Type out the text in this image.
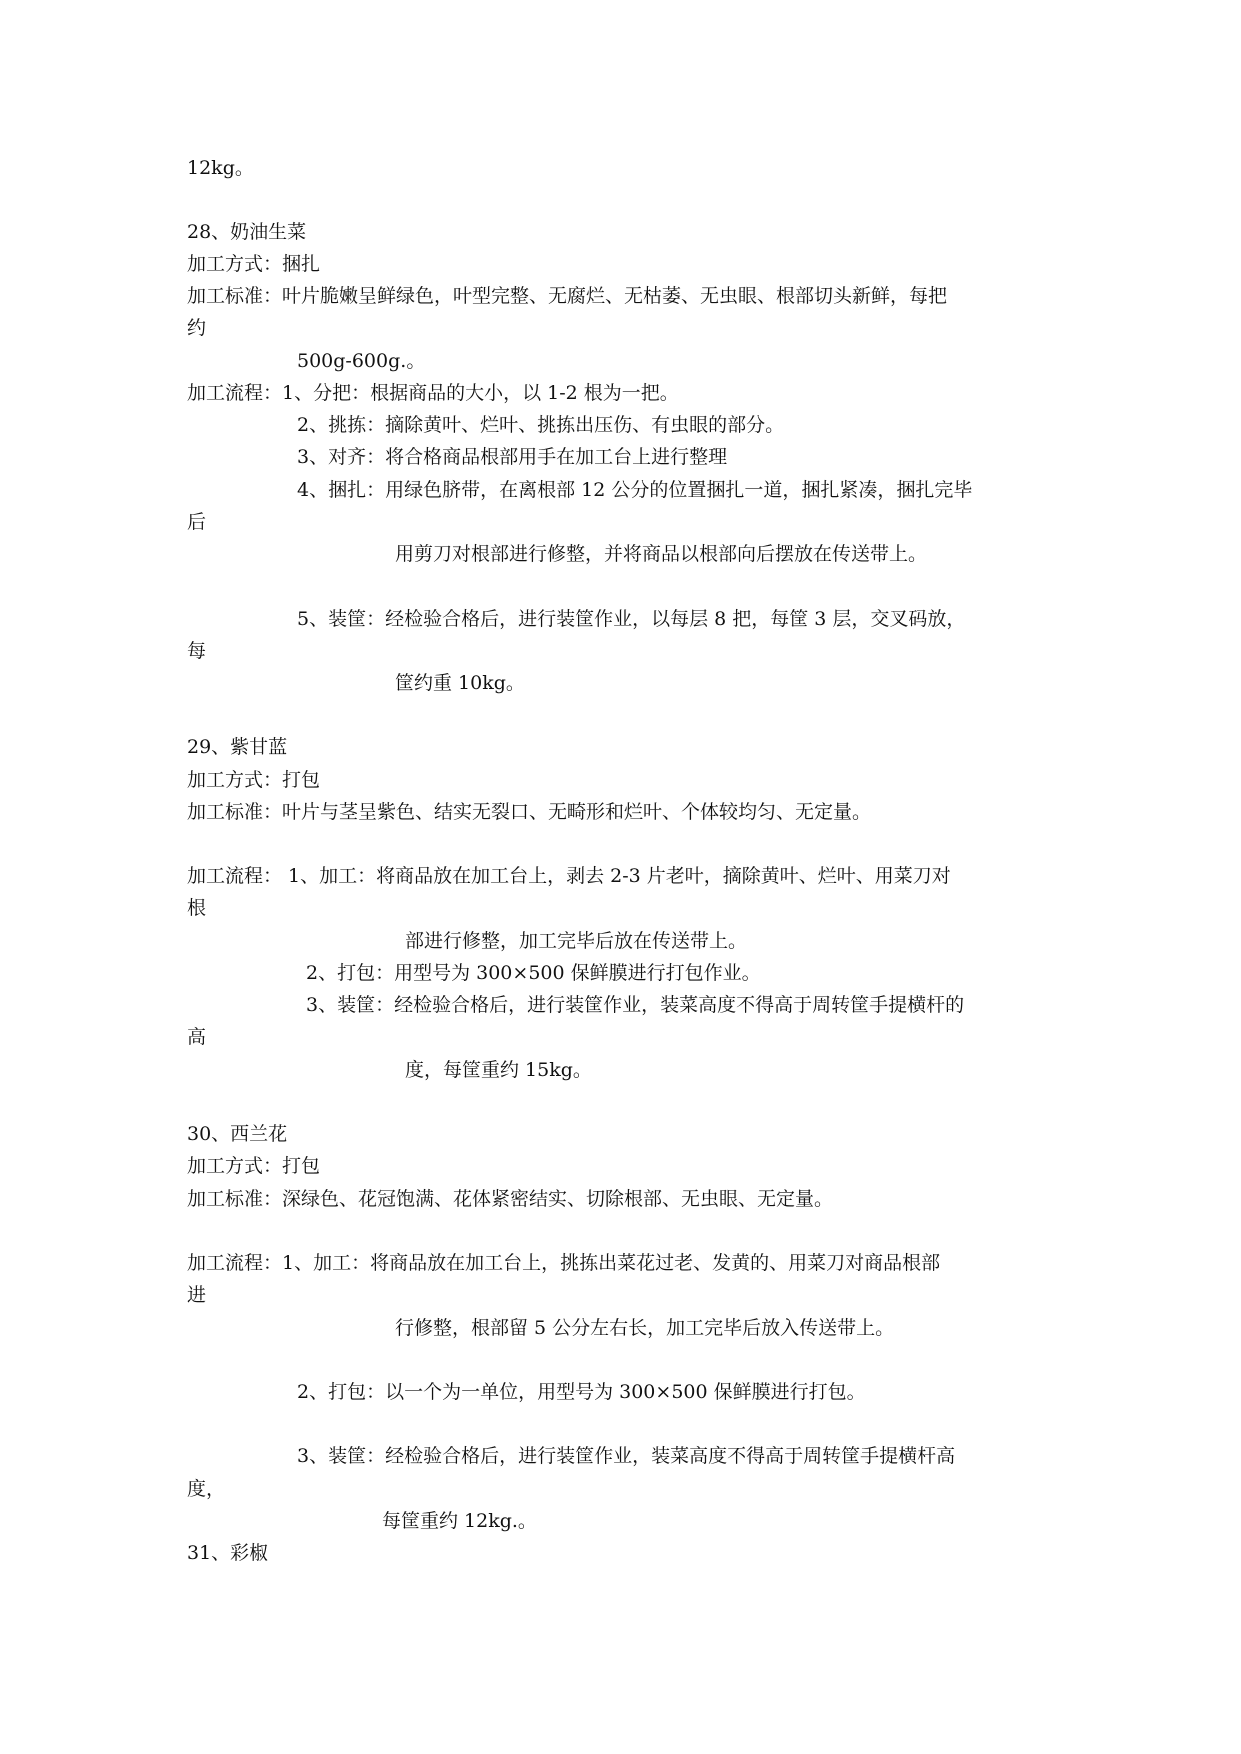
12kg。
28、奶油生菜
加工方式：捆扎
加工标准：叶片脆嫩呈鲜绿色，叶型完整、无腐烂、无枯萎、无虫眼、根部切头新鲜，每把
约
500g-600g.。
加工流程：1、分把：根据商品的大小，以 1-2 根为一把。
2、挑拣：摘除黄叶、烂叶、挑拣出压伤、有虫眼的部分。
3、对齐：将合格商品根部用手在加工台上进行整理
4、捆扎：用绿色脐带，在离根部 12 公分的位置捆扎一道，捆扎紧凑，捆扎完毕
后
用剪刀对根部进行修整，并将商品以根部向后摆放在传送带上。
5、装筐：经检验合格后，进行装筐作业，以每层 8 把，每筐 3 层，交叉码放，
每
筐约重 10kg。
29、紫甘蓝
加工方式：打包
加工标准：叶片与茎呈紫色、结实无裂口、无畸形和烂叶、个体较均匀、无定量。
加工流程： 1、加工：将商品放在加工台上，剥去 2-3 片老叶，摘除黄叶、烂叶、用菜刀对
根
部进行修整，加工完毕后放在传送带上。
2、打包：用型号为 300×500 保鲜膜进行打包作业。
3、装筐：经检验合格后，进行装筐作业，装菜高度不得高于周转筐手提横杆的
高
度，每筐重约 15kg。
30、西兰花
加工方式：打包
加工标准：深绿色、花冠饱满、花体紧密结实、切除根部、无虫眼、无定量。
加工流程：1、加工：将商品放在加工台上，挑拣出菜花过老、发黄的、用菜刀对商品根部
进
行修整，根部留 5 公分左右长，加工完毕后放入传送带上。
2、打包：以一个为一单位，用型号为 300×500 保鲜膜进行打包。
3、装筐：经检验合格后，进行装筐作业，装菜高度不得高于周转筐手提横杆高
度，
每筐重约 12kg.。
31、彩椒
